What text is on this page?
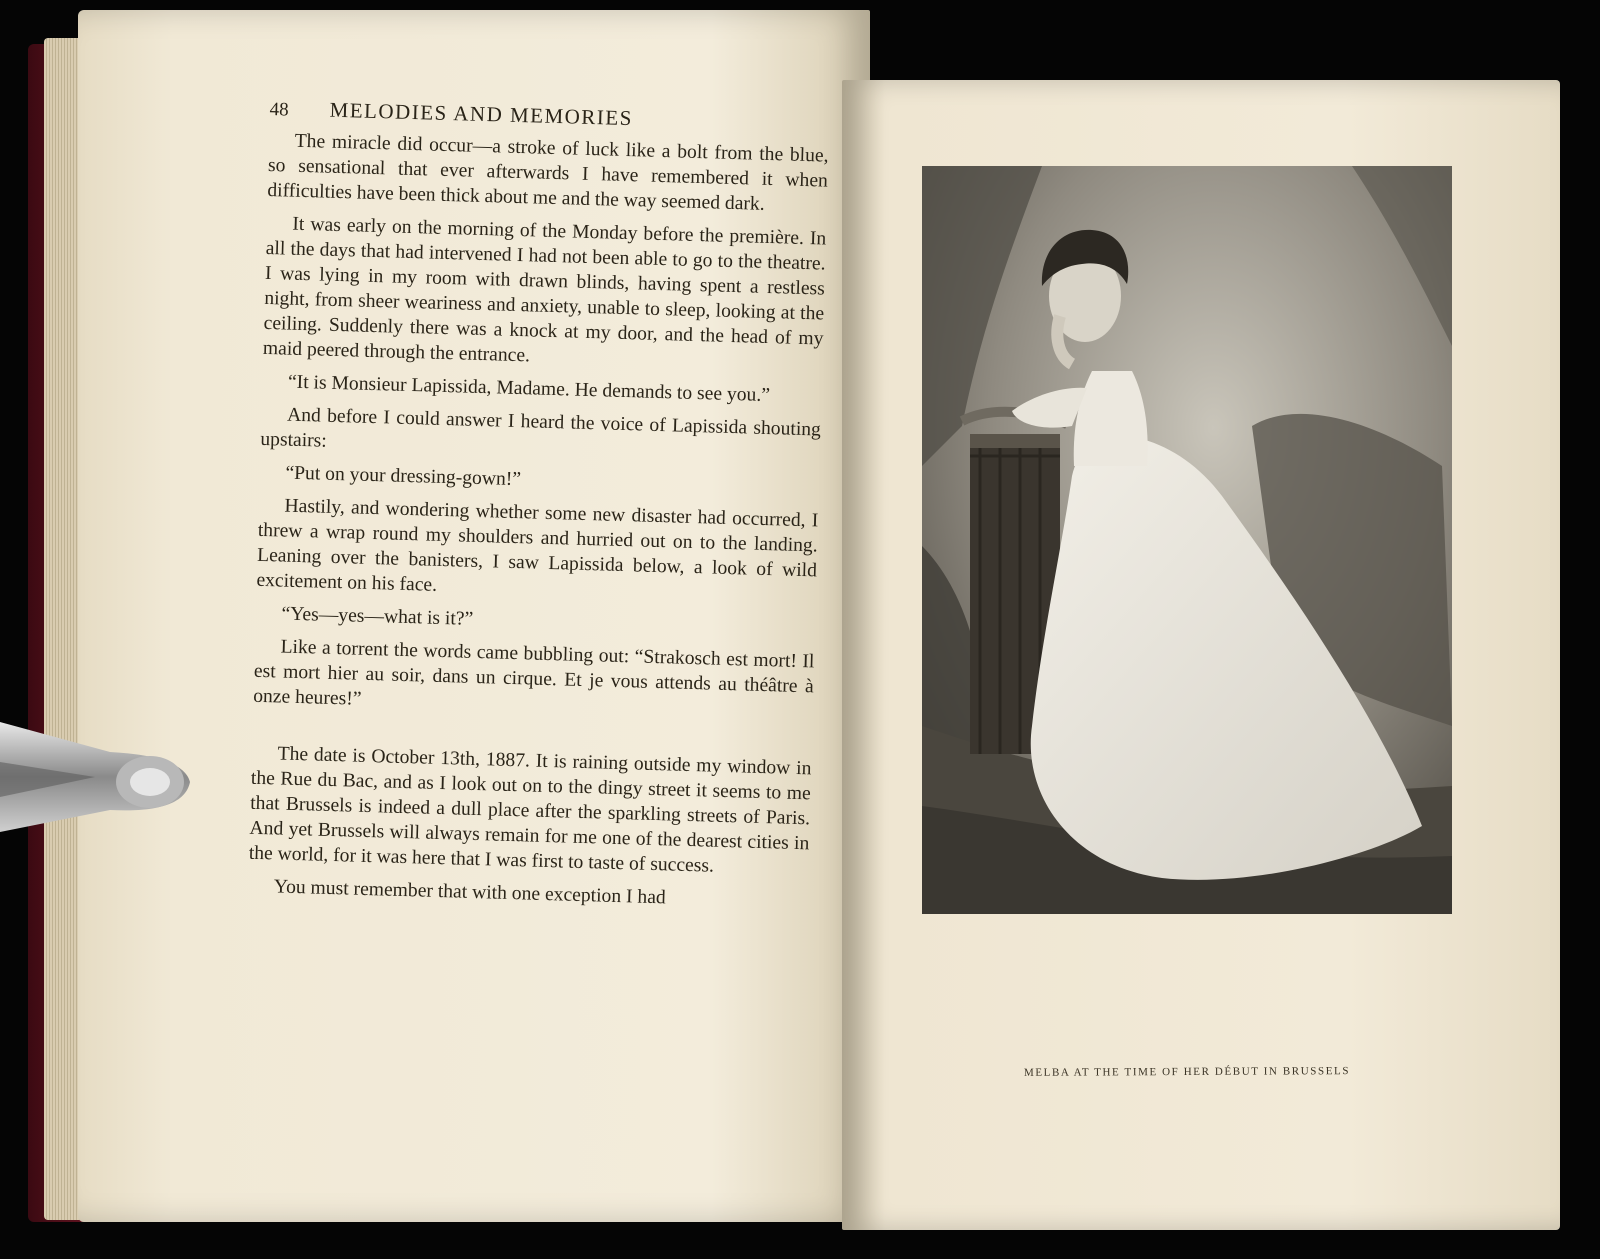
48	MELODIES AND MEMORIES

The miracle did occur—a stroke of luck like a bolt from the blue, so sensational that ever afterwards I have remembered it when difficulties have been thick about me and the way seemed dark.

It was early on the morning of the Monday before the première. In all the days that had intervened I had not been able to go to the theatre. I was lying in my room with drawn blinds, having spent a restless night, from sheer weariness and anxiety, unable to sleep, looking at the ceiling. Suddenly there was a knock at my door, and the head of my maid peered through the entrance.

“It is Monsieur Lapissida, Madame. He demands to see you.”

And before I could answer I heard the voice of Lapissida shouting upstairs:

“Put on your dressing-gown!”

Hastily, and wondering whether some new disaster had occurred, I threw a wrap round my shoulders and hurried out on to the landing. Leaning over the banisters, I saw Lapissida below, a look of wild excitement on his face.

“Yes—yes—what is it?”

Like a torrent the words came bubbling out: “Strakosch est mort! Il est mort hier au soir, dans un cirque. Et je vous attends au théâtre à onze heures!”

The date is October 13th, 1887. It is raining outside my window in the Rue du Bac, and as I look out on to the dingy street it seems to me that Brussels is indeed a dull place after the sparkling streets of Paris. And yet Brussels will always remain for me one of the dearest cities in the world, for it was here that I was first to taste of success.

You must remember that with one exception I had

MELBA AT THE TIME OF HER DÉBUT IN BRUSSELS
